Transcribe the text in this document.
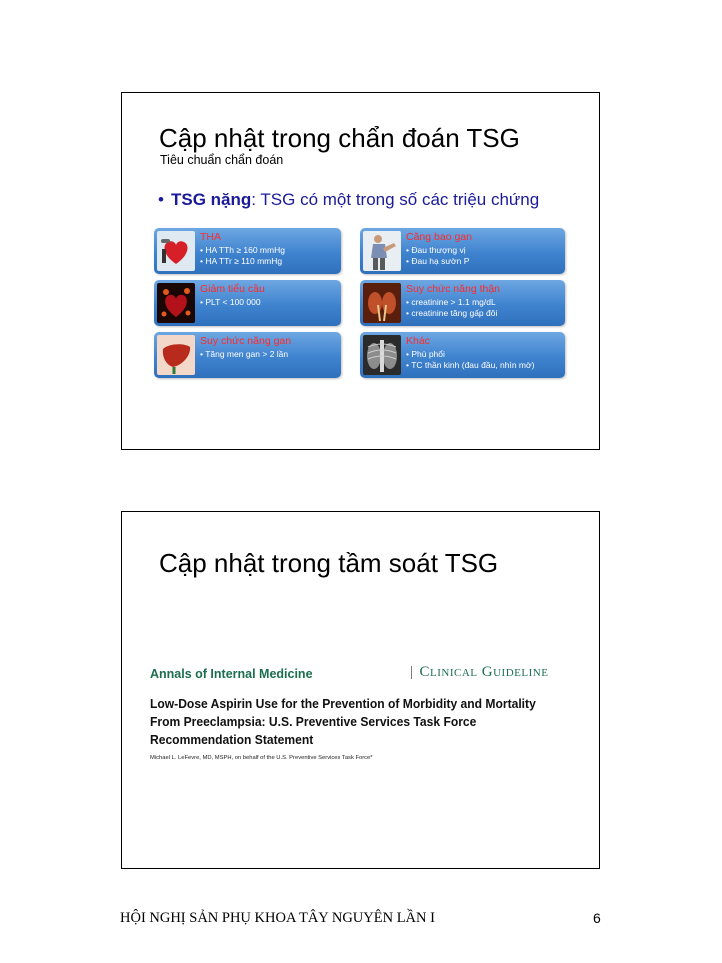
Cập nhật trong chẩn đoán TSG
Tiêu chuẩn chẩn đoán
• TSG nặng: TSG có một trong số các triệu chứng
THA
• HA TTh ≥ 160 mmHg
• HA TTr ≥ 110 mmHg
Căng bao gan
• Đau thượng vị
• Đau hạ sườn P
Giảm tiểu cầu
• PLT < 100 000
Suy chức năng thận
• creatinine > 1.1 mg/dL
• creatinine tăng gấp đôi
Suy chức năng gan
• Tăng men gan > 2 lần
Khác
• Phù phổi
• TC thần kinh (đau đầu, nhìn mờ)
Cập nhật trong tầm soát TSG
Annals of Internal Medicine	| Clinical Guideline
Low-Dose Aspirin Use for the Prevention of Morbidity and Mortality From Preeclampsia: U.S. Preventive Services Task Force Recommendation Statement
Michael L. LeFevre, MD, MSPH, on behalf of the U.S. Preventive Services Task Force*
HỘI NGHỊ SẢN PHỤ KHOA TÂY NGUYÊN LẦN I	6
